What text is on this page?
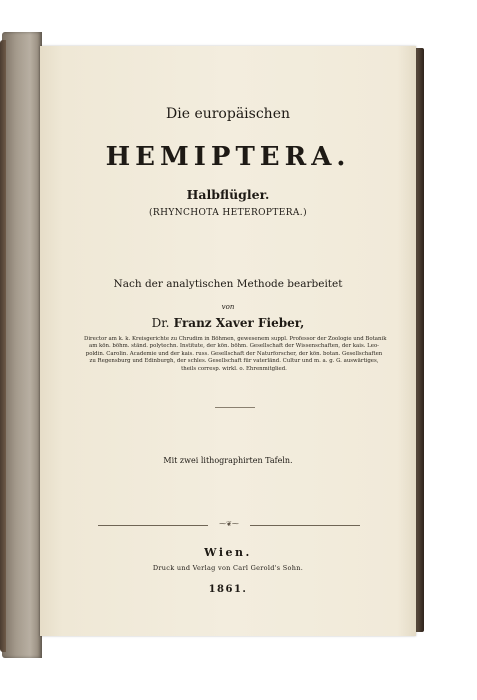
Die europäischen
HEMIPTERA.
Halbflügler.
(RHYNCHOTA HETEROPTERA.)
Nach der analytischen Methode bearbeitet
von
Dr. Franz Xaver Fieber,
Director am k. k. Kreisgerichte zu Chrudim in Böhmen, gewesenem suppl. Professor der Zoologie und Botanik
am kön. böhm. ständ. polytechn. Institute, der kön. böhm. Gesellschaft der Wissenschaften, der kais. Leo-
poldin. Carolin. Academie und der kais. russ. Gesellschaft der Naturforscher, der kön. botan. Gesellschaften
zu Regensburg und Edinburgh, der schles. Gesellschaft für vaterländ. Cultur und m. a. g. G. auswärtiges,
theils corresp. wirkl. o. Ehrenmitglied.
Mit zwei lithographirten Tafeln.
⁓❦⁓
Wien.
Druck und Verlag von Carl Gerold's Sohn.
1861.
